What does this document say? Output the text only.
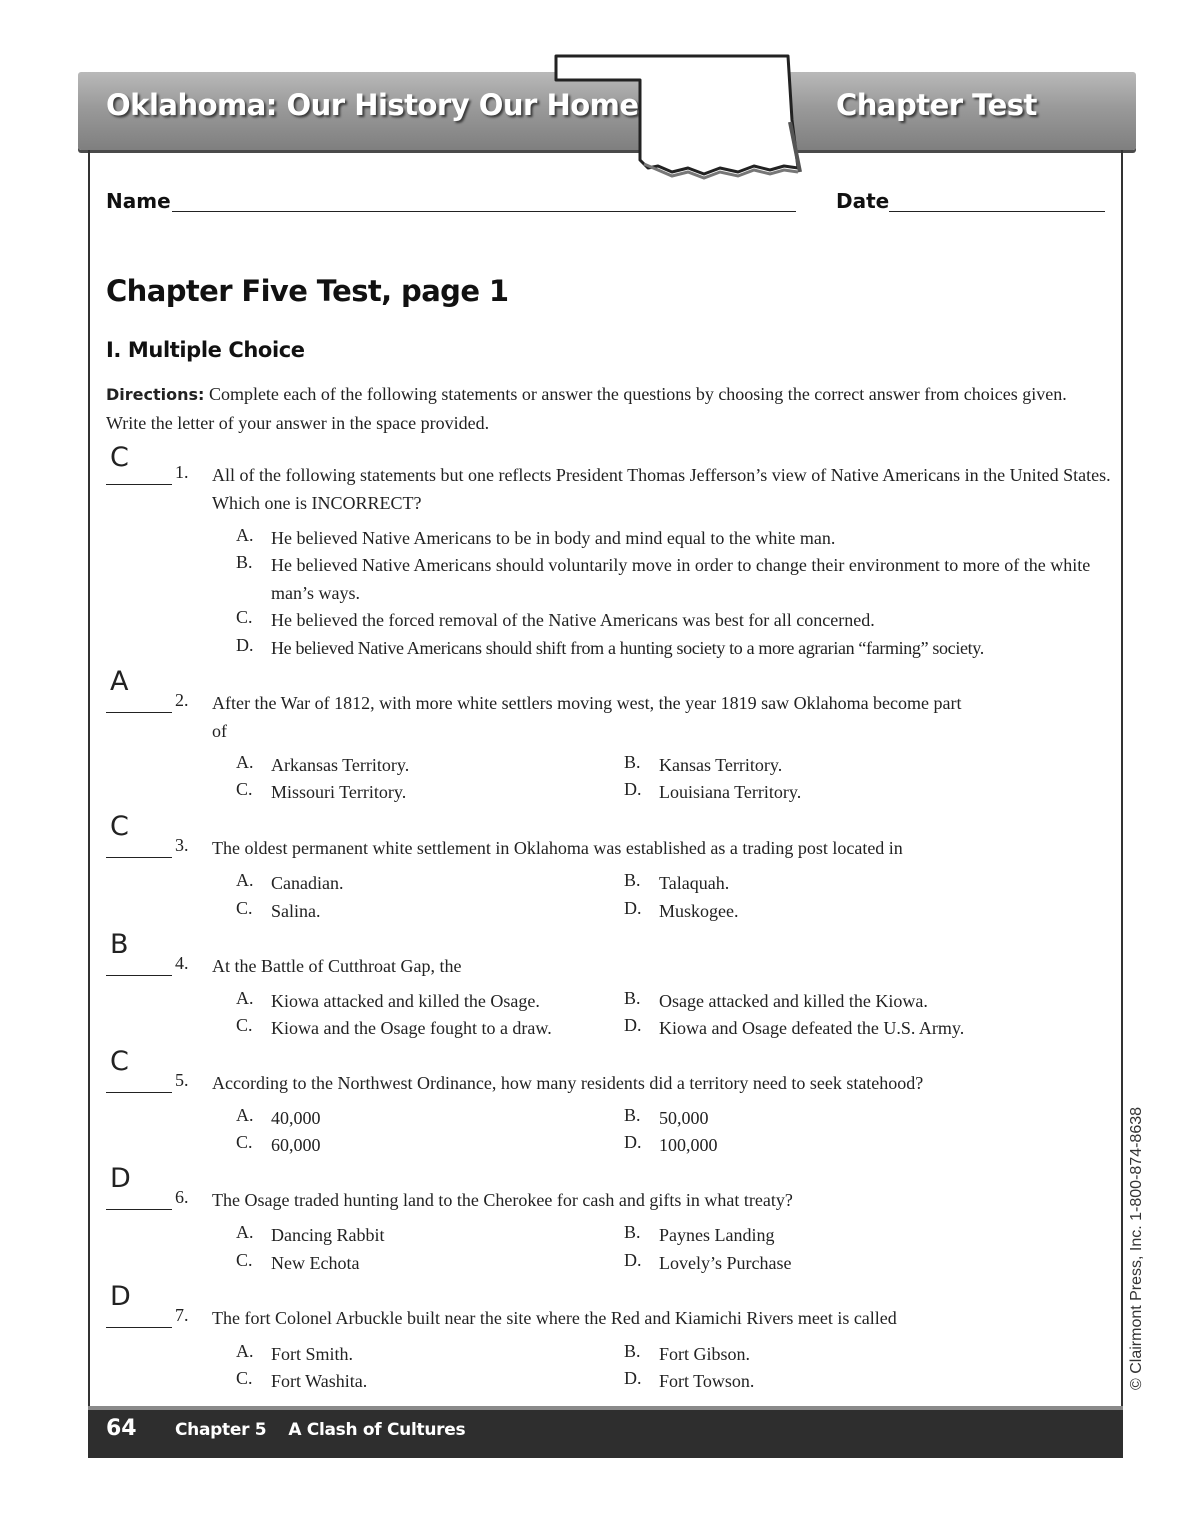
Oklahoma: Our History Our Home	Chapter Test
Name	Date
Chapter Five Test, page 1
I. Multiple Choice
Directions: Complete each of the following statements or answer the questions by choosing the correct answer from choices given. Write the letter of your answer in the space provided.
C	1. All of the following statements but one reflects President Thomas Jefferson’s view of Native Americans in the United States. Which one is INCORRECT?
A. He believed Native Americans to be in body and mind equal to the white man.
B. He believed Native Americans should voluntarily move in order to change their environment to more of the white man’s ways.
C. He believed the forced removal of the Native Americans was best for all concerned.
D. He believed Native Americans should shift from a hunting society to a more agrarian “farming” society.
A
2. After the War of 1812, with more white settlers moving west, the year 1819 saw Oklahoma become part of
A. Arkansas Territory.	B. Kansas Territory.
C. Missouri Territory.	D. Louisiana Territory.
C
3. The oldest permanent white settlement in Oklahoma was established as a trading post located in
A. Canadian.	B. Talaquah.
C. Salina.	D. Muskogee.
B
4. At the Battle of Cutthroat Gap, the
A. Kiowa attacked and killed the Osage.	B. Osage attacked and killed the Kiowa.
C. Kiowa and the Osage fought to a draw.	D. Kiowa and Osage defeated the U.S. Army.
C
5. According to the Northwest Ordinance, how many residents did a territory need to seek statehood?
A. 40,000	B. 50,000
C. 60,000	D. 100,000
D
6. The Osage traded hunting land to the Cherokee for cash and gifts in what treaty?
A. Dancing Rabbit	B. Paynes Landing
C. New Echota	D. Lovely’s Purchase
D
7. The fort Colonel Arbuckle built near the site where the Red and Kiamichi Rivers meet is called
A. Fort Smith.	B. Fort Gibson.
C. Fort Washita.	D. Fort Towson.	© Clairmont Press, Inc. 1-800-874-8638
64 Chapter 5 A Clash of Cultures
